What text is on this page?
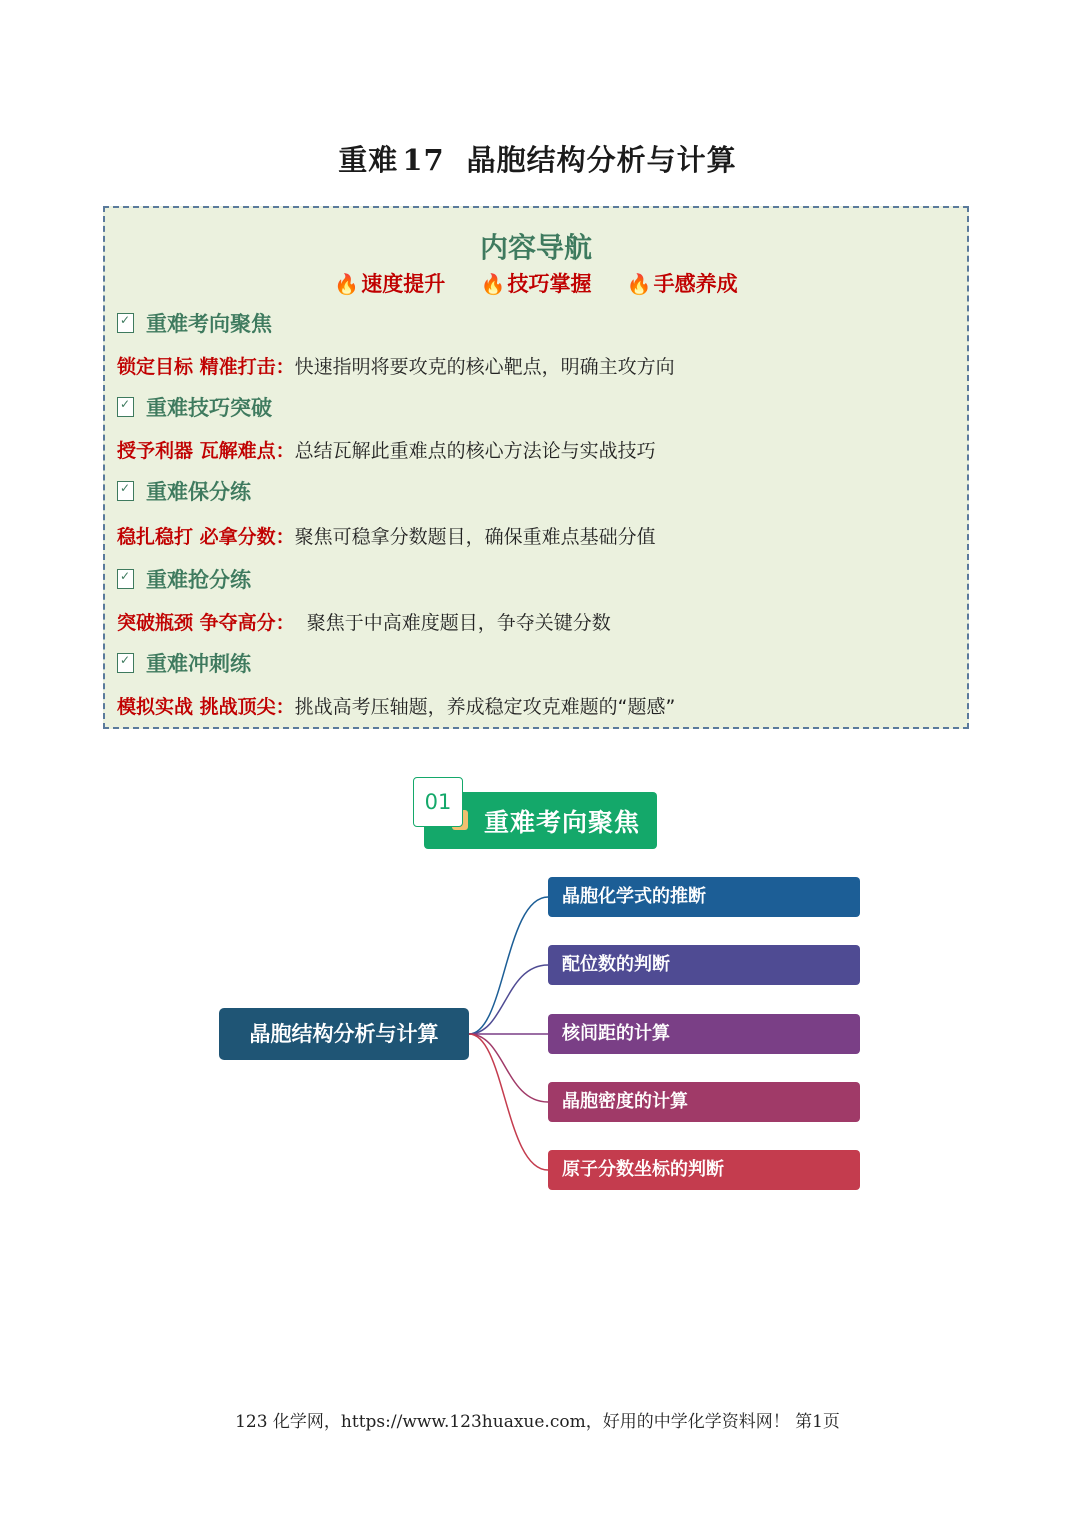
重难 17 晶胞结构分析与计算
内容导航
🔥速度提升 🔥技巧掌握 🔥手感养成
✓重难考向聚焦
锁定目标 精准打击：快速指明将要攻克的核心靶点，明确主攻方向
✓重难技巧突破
授予利器 瓦解难点：总结瓦解此重难点的核心方法论与实战技巧
✓重难保分练
稳扎稳打 必拿分数：聚焦可稳拿分数题目，确保重难点基础分值
✓重难抢分练
突破瓶颈 争夺高分：  聚焦于中高难度题目，争夺关键分数
✓重难冲刺练
模拟实战 挑战顶尖：挑战高考压轴题，养成稳定攻克难题的“题感”
重难考向聚焦
01
晶胞结构分析与计算
晶胞化学式的推断
配位数的判断
核间距的计算
晶胞密度的计算
原子分数坐标的判断
123 化学网，https://www.123huaxue.com，好用的中学化学资料网！ 第1页
